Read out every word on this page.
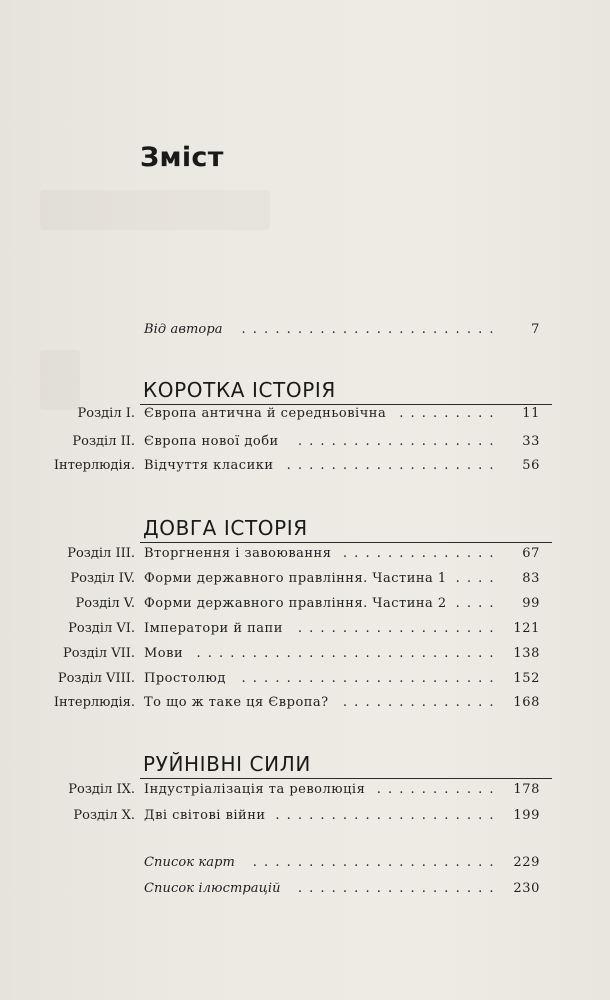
Зміст
Від автора	. . . . . . . . . . . . . . . . . . . . . . .	7
КОРОТКА ІСТОРІЯ
Розділ І. Європа антична й середньовічна	. . . . . . . . . 11
Розділ ІІ. Європа нової доби	. . . . . . . . . . . . . . . . . . 33
Інтерлюдія. Відчуття класики	. . . . . . . . . . . . . . . . . . . 56
ДОВГА ІСТОРІЯ
Розділ ІІІ. Вторгнення і завоювання . . . . . . . . . . . . . . 67
Розділ IV. Форми державного правління. Частина 1 . . . . 83
Розділ V. Форми державного правління. Частина 2 . . . . 99
Розділ VI. Імператори й папи	. . . . . . . . . . . . . . . . . . 121
Розділ VII. Мови	. . . . . . . . . . . . . . . . . . . . . . . . . . . 138
Розділ VIII. Простолюд	. . . . . . . . . . . . . . . . . . . . . . . 152
Інтерлюдія. То що ж таке ця Європа?	. . . . . . . . . . . . . . 168
РУЙНІВНІ СИЛИ
Розділ IX. Індустріалізація та революція . . . . . . . . . . . 178
Розділ X. Дві світові війни . . . . . . . . . . . . . . . . . . . . 199
Список карт	. . . . . . . . . . . . . . . . . . . . . . 229
Список ілюстрацій	. . . . . . . . . . . . . . . . . . 230
